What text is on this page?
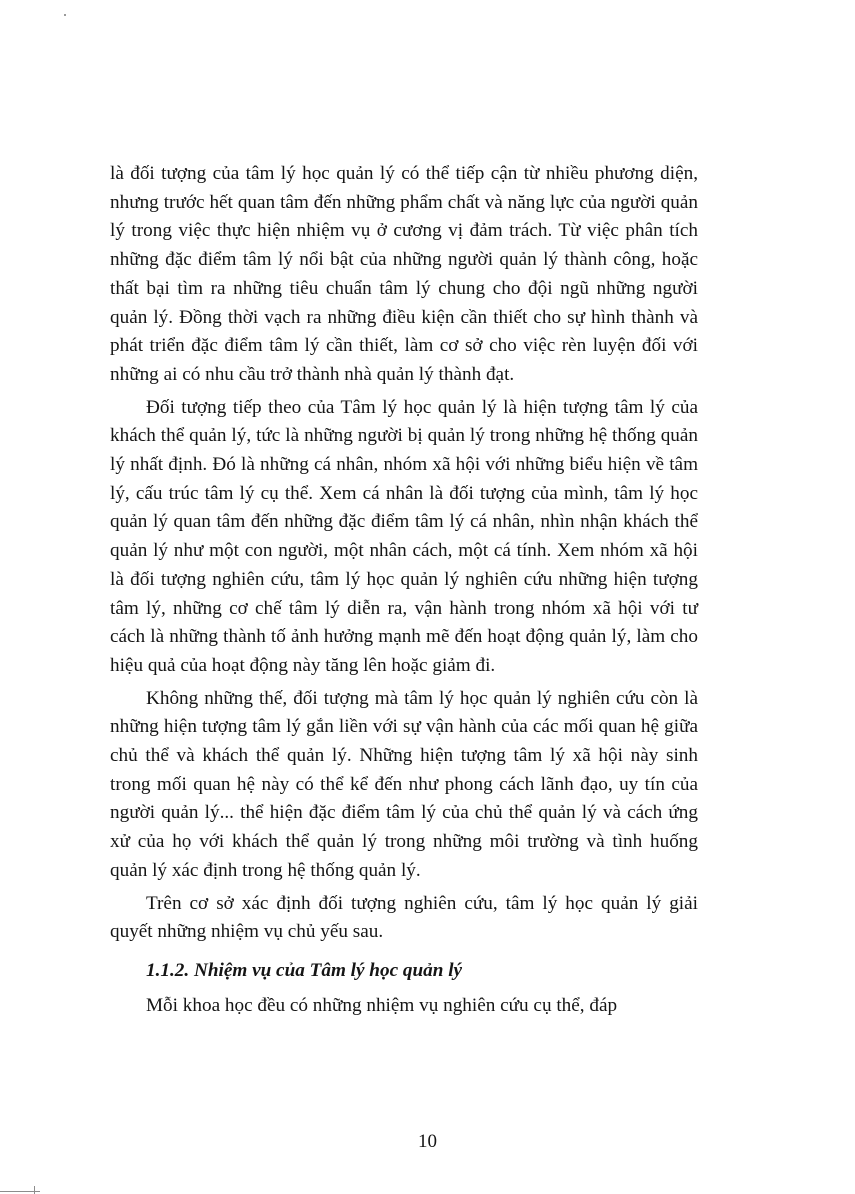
là đối tượng của tâm lý học quản lý có thể tiếp cận từ nhiều phương diện, nhưng trước hết quan tâm đến những phẩm chất và năng lực của người quản lý trong việc thực hiện nhiệm vụ ở cương vị đảm trách. Từ việc phân tích những đặc điểm tâm lý nổi bật của những người quản lý thành công, hoặc thất bại tìm ra những tiêu chuẩn tâm lý chung cho đội ngũ những người quản lý. Đồng thời vạch ra những điều kiện cần thiết cho sự hình thành và phát triển đặc điểm tâm lý cần thiết, làm cơ sở cho việc rèn luyện đối với những ai có nhu cầu trở thành nhà quản lý thành đạt.

Đối tượng tiếp theo của Tâm lý học quản lý là hiện tượng tâm lý của khách thể quản lý, tức là những người bị quản lý trong những hệ thống quản lý nhất định. Đó là những cá nhân, nhóm xã hội với những biểu hiện về tâm lý, cấu trúc tâm lý cụ thể. Xem cá nhân là đối tượng của mình, tâm lý học quản lý quan tâm đến những đặc điểm tâm lý cá nhân, nhìn nhận khách thể quản lý như một con người, một nhân cách, một cá tính. Xem nhóm xã hội là đối tượng nghiên cứu, tâm lý học quản lý nghiên cứu những hiện tượng tâm lý, những cơ chế tâm lý diễn ra, vận hành trong nhóm xã hội với tư cách là những thành tố ảnh hưởng mạnh mẽ đến hoạt động quản lý, làm cho hiệu quả của hoạt động này tăng lên hoặc giảm đi.

Không những thế, đối tượng mà tâm lý học quản lý nghiên cứu còn là những hiện tượng tâm lý gắn liền với sự vận hành của các mối quan hệ giữa chủ thể và khách thể quản lý. Những hiện tượng tâm lý xã hội này sinh trong mối quan hệ này có thể kể đến như phong cách lãnh đạo, uy tín của người quản lý... thể hiện đặc điểm tâm lý của chủ thể quản lý và cách ứng xử của họ với khách thể quản lý trong những môi trường và tình huống quản lý xác định trong hệ thống quản lý.

Trên cơ sở xác định đối tượng nghiên cứu, tâm lý học quản lý giải quyết những nhiệm vụ chủ yếu sau.

1.1.2. Nhiệm vụ của Tâm lý học quản lý

Mỗi khoa học đều có những nhiệm vụ nghiên cứu cụ thể, đáp

10
